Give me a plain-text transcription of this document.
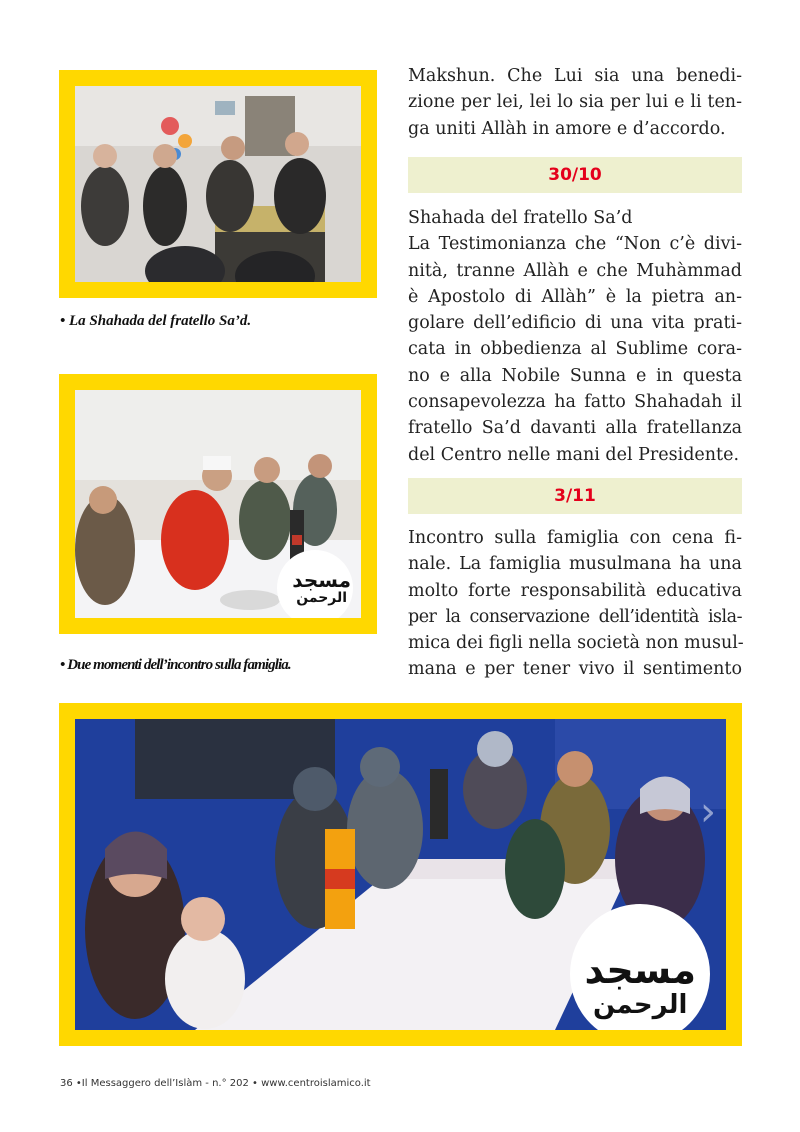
• La Shahada del fratello Sa’d.
مسجد
الرحمن
• Due momenti dell’incontro sulla famiglia.
Makshun. Che Lui sia una benedi-
zione per lei, lei lo sia per lui e li ten-
ga uniti Allàh in amore e d’accordo.
30/10
Shahada del fratello Sa’d
La Testimonianza che “Non c’è divi-
nità, tranne Allàh e che Muhàmmad
è Apostolo di Allàh” è la pietra an-
golare dell’edificio di una vita prati-
cata in obbedienza al Sublime cora-
no e alla Nobile Sunna e in questa
consapevolezza ha fatto Shahadah il
fratello Sa’d davanti alla fratellanza
del Centro nelle mani del Presidente.
3/11
Incontro sulla famiglia con cena fi-
nale. La famiglia musulmana ha una
molto forte responsabilità educativa
per la conservazione dell’identità isla-
mica dei figli nella società non musul-
mana e per tener vivo il sentimento
مسجد
الرحمن
›
36 •Il Messaggero dell’Islàm - n.° 202 • www.centroislamico.it
